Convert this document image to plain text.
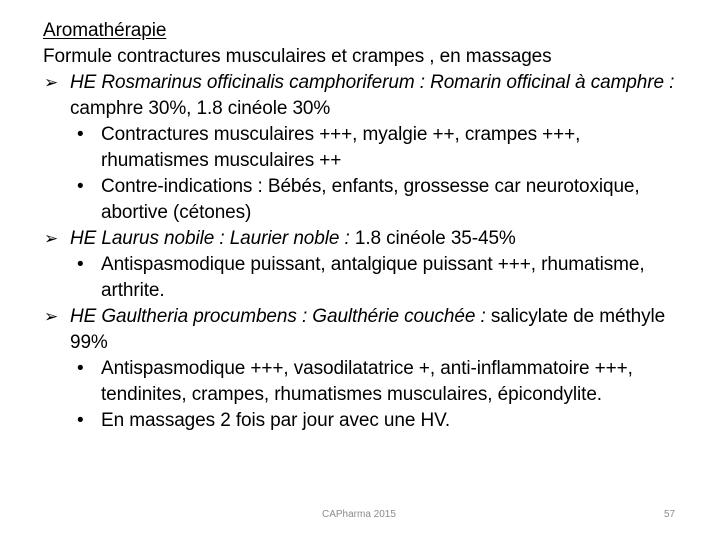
Aromathérapie
Formule contractures musculaires et crampes , en massages
➢ HE Rosmarinus officinalis camphoriferum : Romarin officinal à camphre : camphre 30%, 1.8 cinéole 30%
• Contractures musculaires +++, myalgie ++, crampes +++, rhumatismes musculaires ++
• Contre-indications : Bébés, enfants, grossesse car neurotoxique, abortive (cétones)
➢ HE Laurus nobile : Laurier noble : 1.8 cinéole 35-45%
• Antispasmodique puissant, antalgique puissant +++, rhumatisme, arthrite.
➢ HE Gaultheria procumbens : Gaulthérie couchée : salicylate de méthyle 99%
• Antispasmodique +++, vasodilatatrice +, anti-inflammatoire +++, tendinites, crampes, rhumatismes musculaires, épicondylite.
• En massages 2 fois par jour avec une HV.
CAPharma 2015	57
